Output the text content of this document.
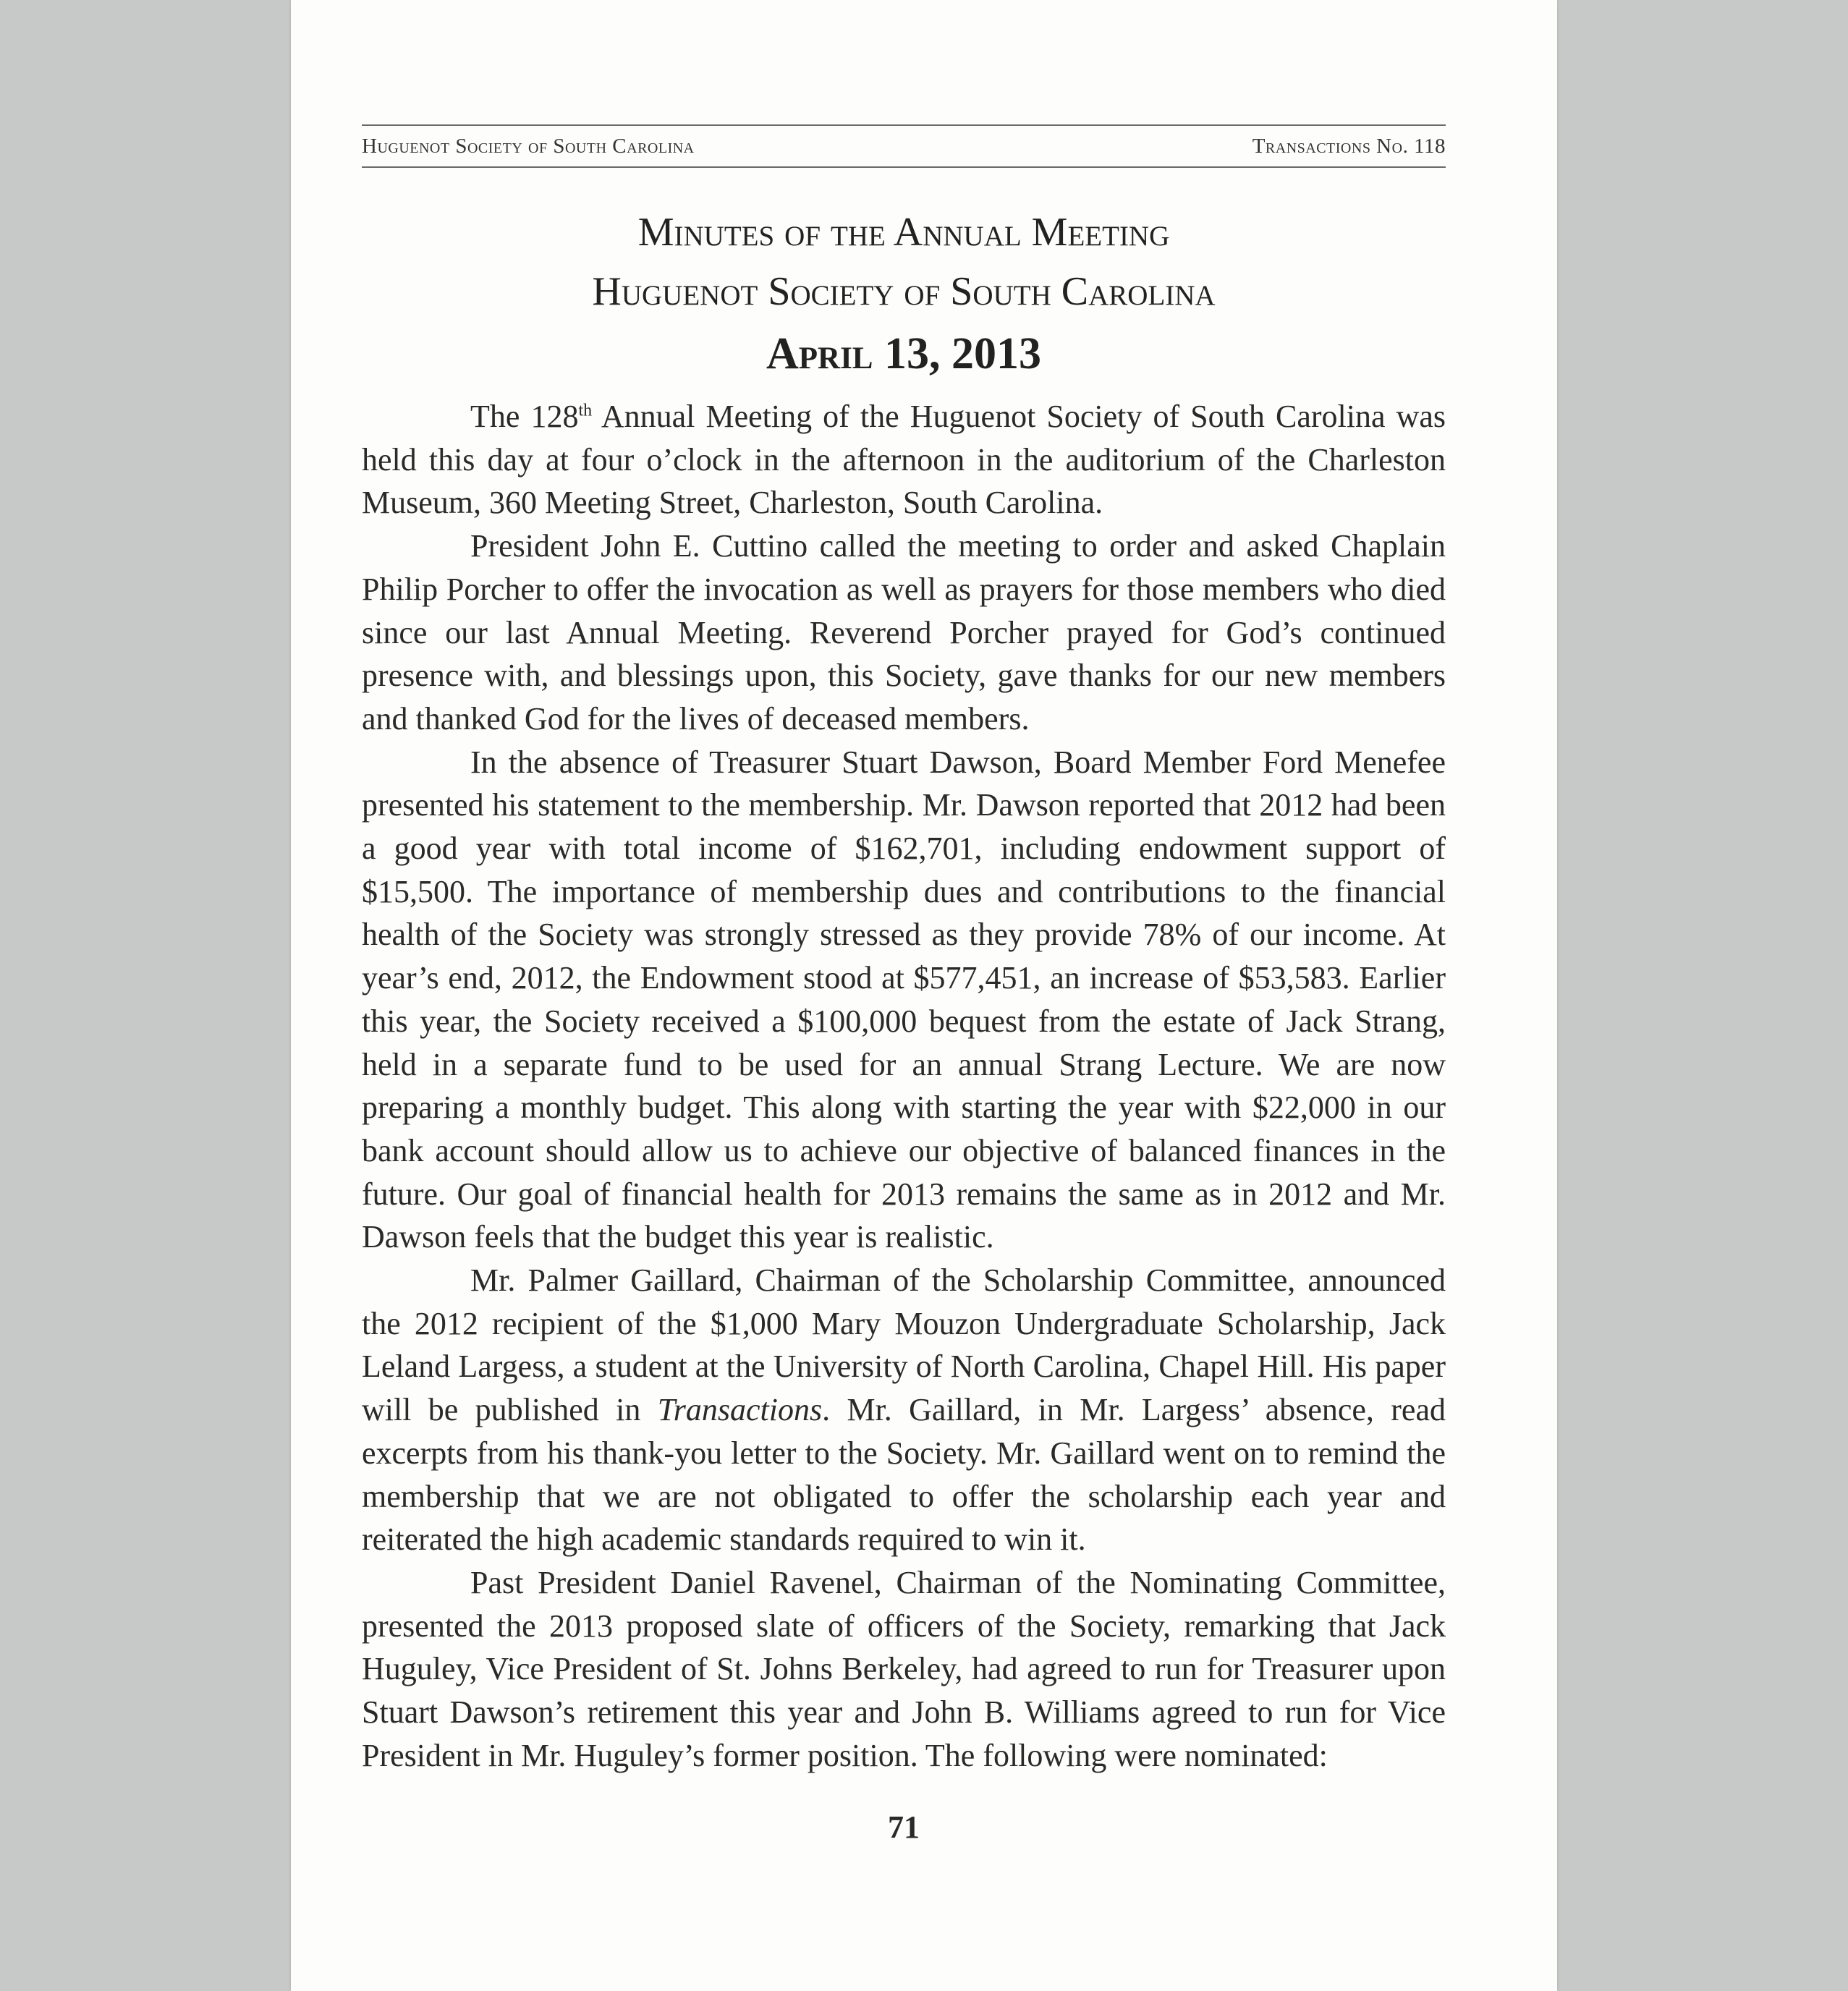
Huguenot Society of South Carolina	Transactions No. 118
Minutes of the Annual Meeting
Huguenot Society of South Carolina
April 13, 2013

The 128th Annual Meeting of the Huguenot Society of South Carolina was held this day at four o’clock in the afternoon in the auditorium of the Charleston Museum, 360 Meeting Street, Charleston, South Carolina.

President John E. Cuttino called the meeting to order and asked Chaplain Philip Porcher to offer the invocation as well as prayers for those members who died since our last Annual Meeting. Reverend Porcher prayed for God’s continued presence with, and blessings upon, this Society, gave thanks for our new members and thanked God for the lives of deceased members.

In the absence of Treasurer Stuart Dawson, Board Member Ford Menefee presented his statement to the membership. Mr. Dawson reported that 2012 had been a good year with total income of $162,701, including endowment support of $15,500. The importance of membership dues and contributions to the financial health of the Society was strongly stressed as they provide 78% of our income. At year’s end, 2012, the Endowment stood at $577,451, an increase of $53,583. Earlier this year, the Society received a $100,000 bequest from the estate of Jack Strang, held in a separate fund to be used for an annual Strang Lecture. We are now preparing a monthly budget. This along with starting the year with $22,000 in our bank account should allow us to achieve our objective of balanced finances in the future. Our goal of financial health for 2013 remains the same as in 2012 and Mr. Dawson feels that the budget this year is realistic.

Mr. Palmer Gaillard, Chairman of the Scholarship Committee, announced the 2012 recipient of the $1,000 Mary Mouzon Undergraduate Scholarship, Jack Leland Largess, a student at the University of North Carolina, Chapel Hill. His paper will be published in Transactions. Mr. Gaillard, in Mr. Largess’ absence, read excerpts from his thank-you letter to the Society. Mr. Gaillard went on to remind the membership that we are not obligated to offer the scholarship each year and reiterated the high academic standards required to win it.

Past President Daniel Ravenel, Chairman of the Nominating Committee, presented the 2013 proposed slate of officers of the Society, remarking that Jack Huguley, Vice President of St. Johns Berkeley, had agreed to run for Treasurer upon Stuart Dawson’s retirement this year and John B. Williams agreed to run for Vice President in Mr. Huguley’s former position. The following were nominated:

71
